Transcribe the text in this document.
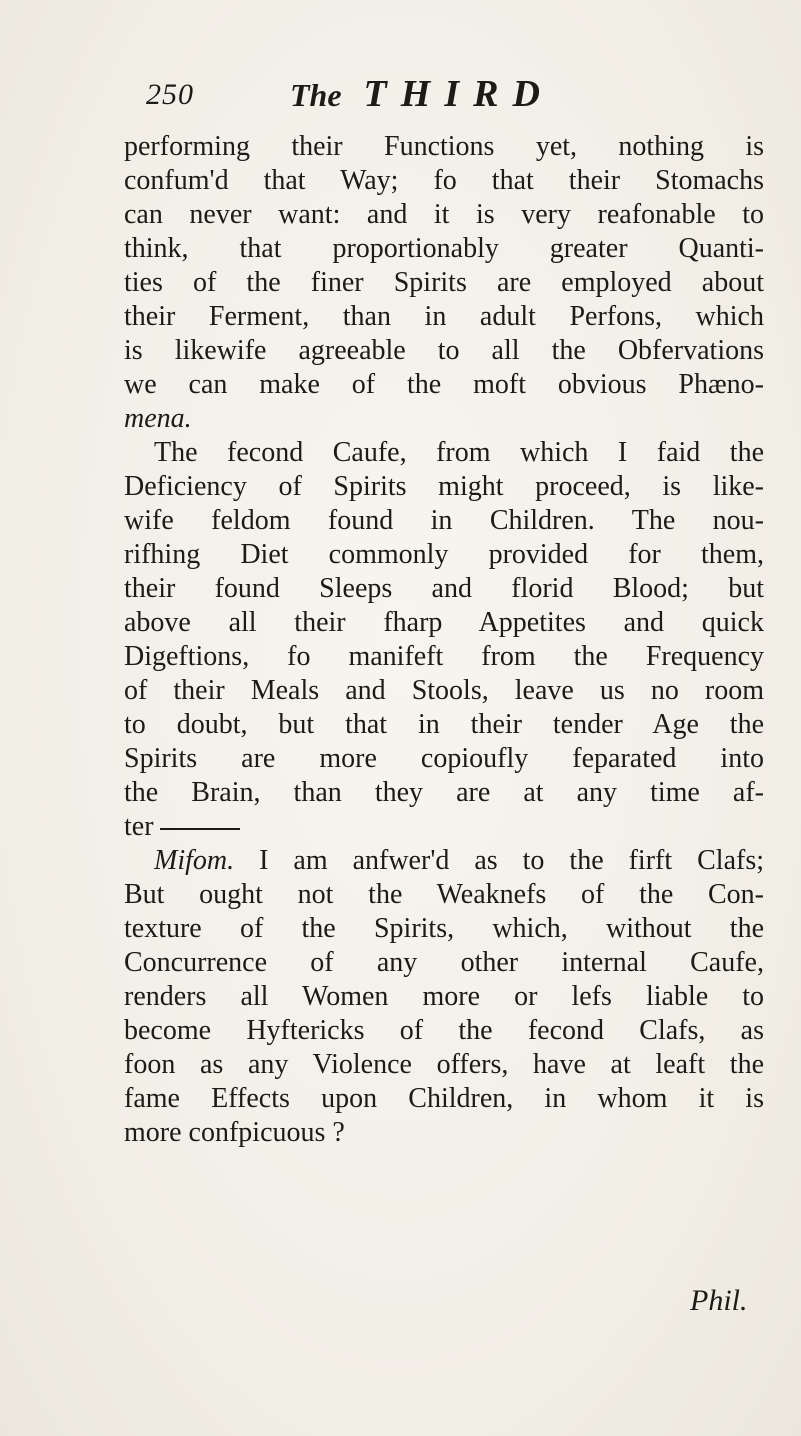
250	The THIRD
performing their Functions yet, nothing is
confum'd that Way; fo that their Stomachs
can never want: and it is very reafonable to
think, that proportionably greater Quanti-
ties of the finer Spirits are employed about
their Ferment, than in adult Perfons, which
is likewife agreeable to all the Obfervations
we can make of the moft obvious Phæno-
mena.
The fecond Caufe, from which I faid the
Deficiency of Spirits might proceed, is like-
wife feldom found in Children. The nou-
rifhing Diet commonly provided for them,
their found Sleeps and florid Blood; but
above all their fharp Appetites and quick
Digeftions, fo manifeft from the Frequency
of their Meals and Stools, leave us no room
to doubt, but that in their tender Age the
Spirits are more copioufly feparated into
the Brain, than they are at any time af-
ter
Mifom. I am anfwer'd as to the firft Clafs;
But ought not the Weaknefs of the Con-
texture of the Spirits, which, without the
Concurrence of any other internal Caufe,
renders all Women more or lefs liable to
become Hyftericks of the fecond Clafs, as
foon as any Violence offers, have at leaft the
fame Effects upon Children, in whom it is
more confpicuous ?
Phil.
